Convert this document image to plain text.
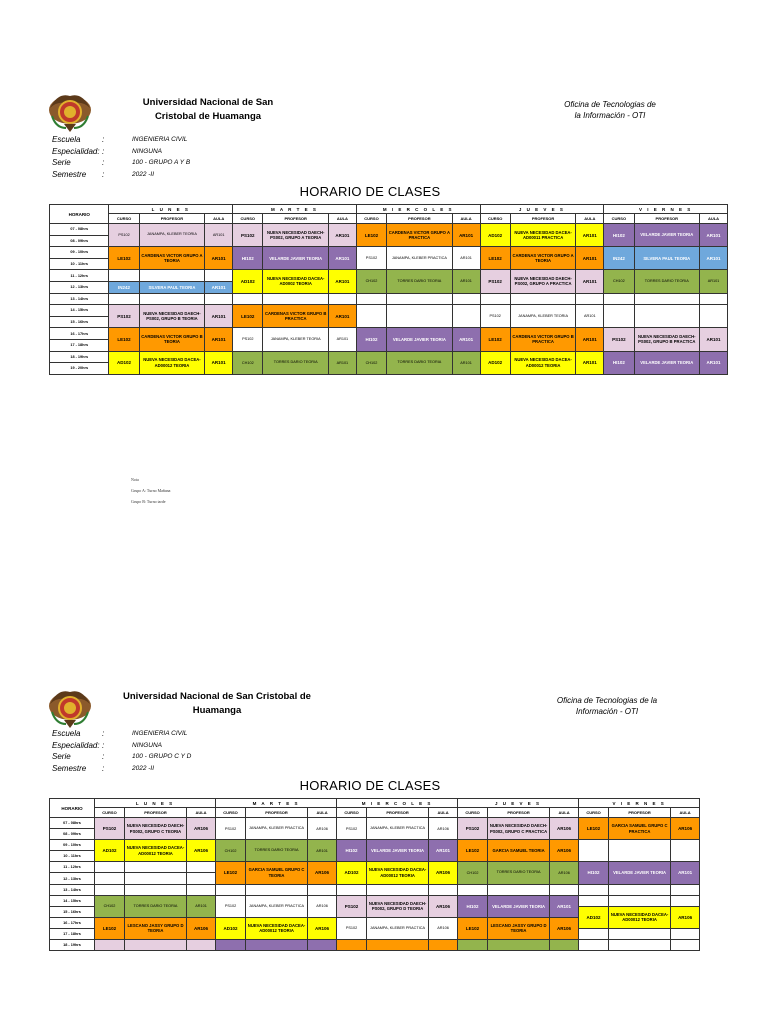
Universidad Nacional de San Cristobal de Huamanga
Oficina de Tecnologias de la Información - OTI
Escuela	:	INGENIERIA CIVIL
Especialidad: :	NINGUNA
Serie	:	100 - GRUPO A Y B
Semestre	:	2022 -II
HORARIO DE CLASES
HORARIO	L U N E S			M A R T E S			M I E R C O L E S			J U E V E S			V I E R N E S		
	CURSO	PROFESOR	AULA	CURSO	PROFESOR	AULA	CURSO	PROFESOR	AULA	CURSO	PROFESOR	AULA	CURSO	PROFESOR	AULA
07 - 08hrs	PS102	JANAMPA, KLEBER TEORIA	AR101	PS102	NUEVA NECESIDAD DAECH-PS002, GRUPO A TEORIA	AR101	LE102	CARDENAS VICTOR GRUPO A PRACTICA	AR101	AD102	NUEVA NECESIDAD DACEA-AD00011 PRACTICA	AR101	HI102	VELARDE JAVIER TEORIA	AR101
08 - 09hrs															
09 - 10hrs	LE102	CARDENAS VICTOR GRUPO A TEORIA	AR101	HI102	VELARDE JAVIER TEORIA	AR101	PS102	JANAMPA, KLEBER PRACTICA	AR101	LE102	CARDENAS VICTOR GRUPO A TEORIA	AR101	IN242	SILVERA PAUL TEORIA	AR101
10 - 11hrs															
11 - 12hrs				AD102	NUEVA NECESIDAD DACEA-AD0002 TEORIA	AR101	CH102	TORRES DARIO TEORIA	AR101	PS102	NUEVA NECESIDAD DAECH-PS002, GRUPO A PRACTICA	AR101	CH102	TORRES DARIO TEORIA	AR101
12 - 13hrs	IN242	SILVERA PAUL TEORIA	AR101												
13 - 14hrs															
14 - 15hrs	PS102	NUEVA NECESIDAD DAECH-PS002, GRUPO B TEORIA	AR101	LE102	CARDENAS VICTOR GRUPO B PRACTICA	AR101				PS102	JANAMPA, KLEBER TEORIA	AR101			
15 - 16hrs															
16 - 17hrs	LE102	CARDENAS VICTOR GRUPO B TEORIA	AR101	PS102	JANAMPA, KLEBER TEORIA	AR101	HI102	VELARDE JAVIER TEORIA	AR101	LE102	CARDENAS VICTOR GRUPO B PRACTICA	AR101	PS102	NUEVA NECESIDAD DAECH-PS002, GRUPO B PRACTICA	AR101
17 - 18hrs															
18 - 19hrs	AD102	NUEVA NECESIDAD DACEA-AD00012 TEORIA	AR101	CH102	TORRES DARIO TEORIA	AR101	CH102	TORRES DARIO TEORIA	AR101	AD102	NUEVA NECESIDAD DACEA-AD00012 TEORIA	AR101	HI102	VELARDE JAVIER TEORIA	AR101
19 - 20hrs															
Nota
Grupo A: Turno Mañana
Grupo B: Turno tarde
Universidad Nacional de San Cristobal de Huamanga
Oficina de Tecnologias de la Información - OTI
Escuela	:	INGENIERIA CIVIL
Especialidad: :	NINGUNA
Serie	:	100 - GRUPO C Y D
Semestre	:	2022 -II
HORARIO DE CLASES
HORARIO	L U N E S			M A R T E S			M I E R C O L E S			J U E V E S			V I E R N E S		
	CURSO	PROFESOR	AULA	CURSO	PROFESOR	AULA	CURSO	PROFESOR	AULA	CURSO	PROFESOR	AULA	CURSO	PROFESOR	AULA
07 - 08hrs	PS102	NUEVA NECESIDAD DAECH-PS002, GRUPO C TEORIA	AR106	PS102	JANAMPA, KLEBER PRACTICA	AR106	PS102	JANAMPA, KLEBER PRACTICA	AR106	PS102	NUEVA NECESIDAD DAECH-PS002, GRUPO C PRACTICA	AR106	LE102	GARCIA SAMUEL GRUPO C PRACTICA	AR106
08 - 09hrs															
09 - 10hrs	AD102	NUEVA NECESIDAD DACEA-AD00012 TEORIA	AR106	CH102	TORRES DARIO TEORIA	AR101	HI102	VELARDE JAVIER TEORIA	AR101	LE102	GARCIA SAMUEL TEORIA	AR106			
10 - 11hrs															
11 - 12hrs				LE102	GARCIA SAMUEL GRUPO C TEORIA	AR106	AD102	NUEVA NECESIDAD DACEA-AD00012 TEORIA	AR106	CH102	TORRES DARIO TEORIA	AR106	HI102	VELARDE JAVIER TEORIA	AR101
12 - 13hrs															
13 - 14hrs															
14 - 15hrs	CH102	TORRES DARIO TEORIA	AR101	PS102	JANAMPA, KLEBER PRACTICA	AR106	PS102	NUEVA NECESIDAD DAECH-PS002, GRUPO D TEORIA	AR106	HI102	VELARDE JAVIER TEORIA	AR101			
15 - 16hrs													AD102	NUEVA NECESIDAD DACEA-AD00012 TEORIA	AR106
16 - 17hrs	LE102	LESCANO JASSY GRUPO D TEORIA	AR106	AD102	NUEVA NECESIDAD DACEA-AD00012 TEORIA	AR106	PS102	JANAMPA, KLEBER PRACTICA	AR106	LE102	LESCANO JASSY GRUPO D TEORIA	AR106			
17 - 18hrs															
18 - 19hrs															
